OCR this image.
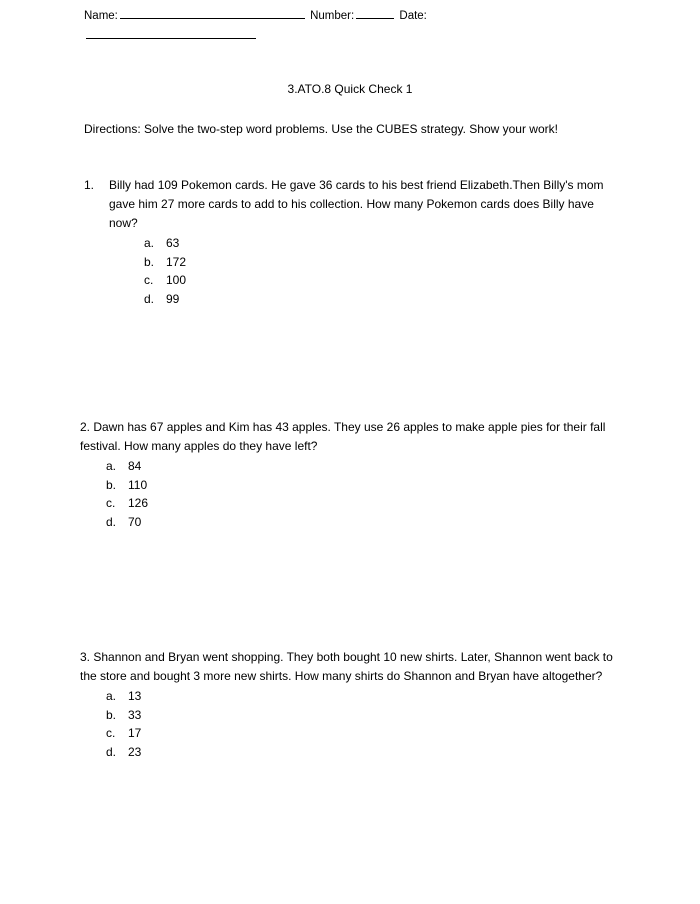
Name:	Number:	Date:
3.ATO.8 Quick Check 1
Directions: Solve the two-step word problems. Use the CUBES strategy. Show your work!
1.	Billy had 109 Pokemon cards. He gave 36 cards to his best friend Elizabeth.Then Billy's mom gave him 27 more cards to add to his collection. How many Pokemon cards does Billy have now?
a. 63
b. 172
c.	100
d. 99
2. Dawn has 67 apples and Kim has 43 apples. They use 26 apples to make apple pies for their fall festival. How many apples do they have left?
a. 84
b. 110
c.	126
d. 70
3. Shannon and Bryan went shopping. They both bought 10 new shirts. Later, Shannon went back to the store and bought 3 more new shirts. How many shirts do Shannon and Bryan have altogether?
a. 13
b. 33
c.	17
d. 23
